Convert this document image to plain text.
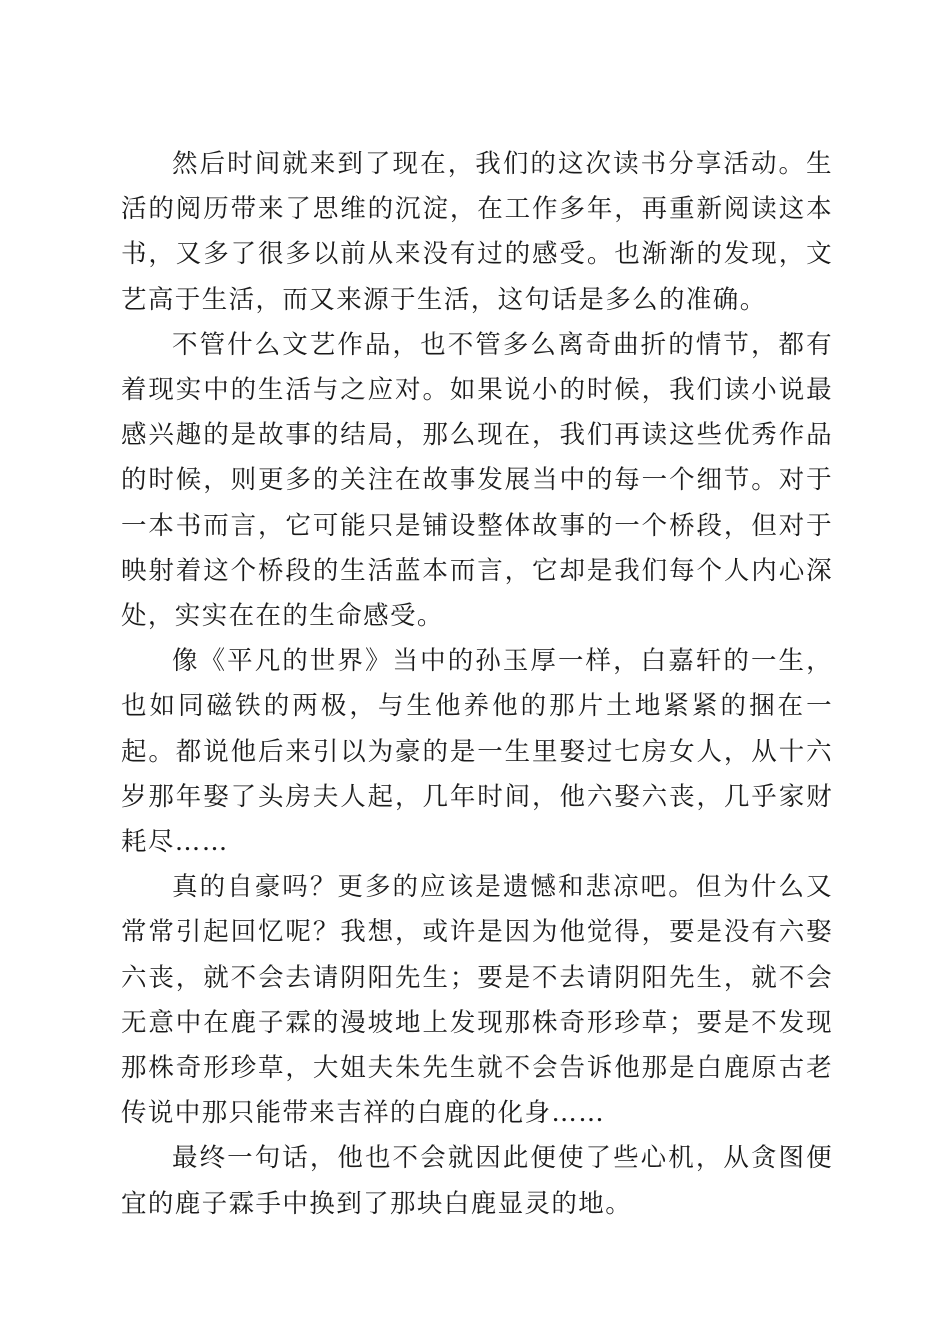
然后时间就来到了现在，我们的这次读书分享活动。生活的阅历带来了思维的沉淀，在工作多年，再重新阅读这本书，又多了很多以前从来没有过的感受。也渐渐的发现，文艺高于生活，而又来源于生活，这句话是多么的准确。

不管什么文艺作品，也不管多么离奇曲折的情节，都有着现实中的生活与之应对。如果说小的时候，我们读小说最感兴趣的是故事的结局，那么现在，我们再读这些优秀作品的时候，则更多的关注在故事发展当中的每一个细节。对于一本书而言，它可能只是铺设整体故事的一个桥段，但对于映射着这个桥段的生活蓝本而言，它却是我们每个人内心深处，实实在在的生命感受。

像《平凡的世界》当中的孙玉厚一样，白嘉轩的一生，也如同磁铁的两极，与生他养他的那片土地紧紧的捆在一起。都说他后来引以为豪的是一生里娶过七房女人，从十六岁那年娶了头房夫人起，几年时间，他六娶六丧，几乎家财耗尽……

真的自豪吗？更多的应该是遗憾和悲凉吧。但为什么又常常引起回忆呢？我想，或许是因为他觉得，要是没有六娶六丧，就不会去请阴阳先生；要是不去请阴阳先生，就不会无意中在鹿子霖的漫坡地上发现那株奇形珍草；要是不发现那株奇形珍草，大姐夫朱先生就不会告诉他那是白鹿原古老传说中那只能带来吉祥的白鹿的化身……

最终一句话，他也不会就因此便使了些心机，从贪图便宜的鹿子霖手中换到了那块白鹿显灵的地。
